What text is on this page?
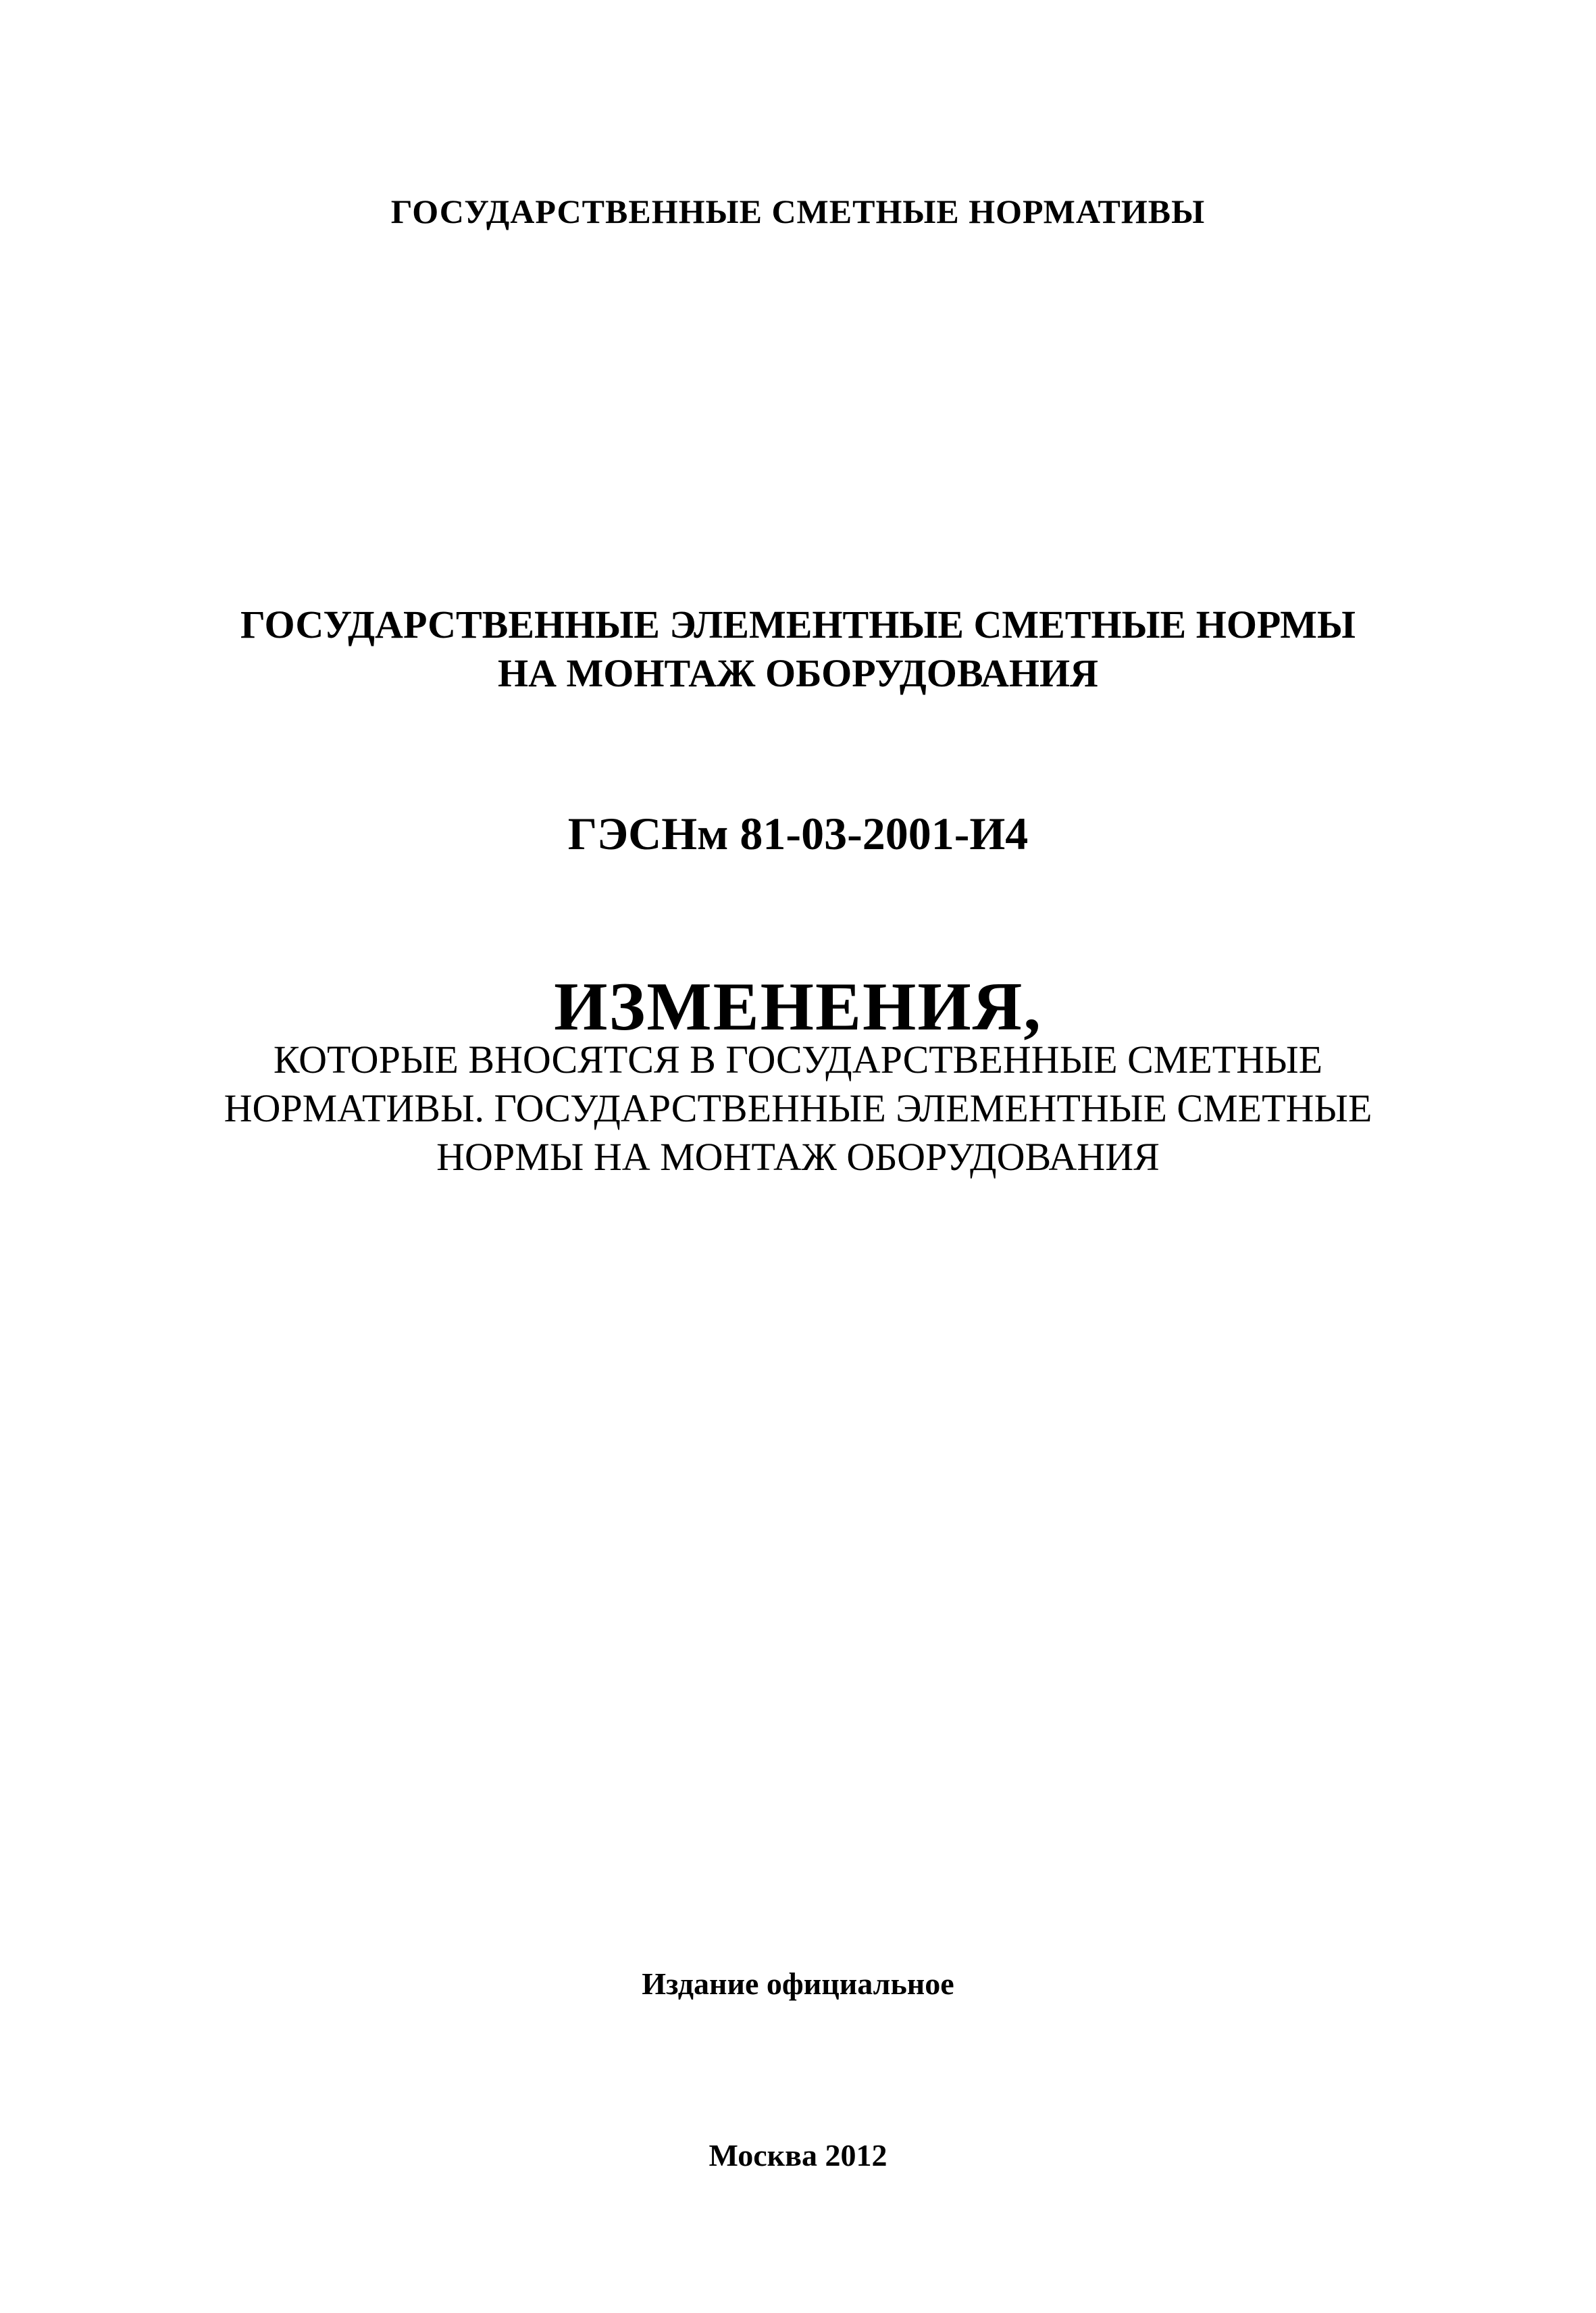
ГОСУДАРСТВЕННЫЕ СМЕТНЫЕ НОРМАТИВЫ
ГОСУДАРСТВЕННЫЕ ЭЛЕМЕНТНЫЕ СМЕТНЫЕ НОРМЫ
НА МОНТАЖ ОБОРУДОВАНИЯ
ГЭСНм 81-03-2001-И4
ИЗМЕНЕНИЯ,
КОТОРЫЕ ВНОСЯТСЯ В ГОСУДАРСТВЕННЫЕ СМЕТНЫЕ
НОРМАТИВЫ. ГОСУДАРСТВЕННЫЕ ЭЛЕМЕНТНЫЕ СМЕТНЫЕ
НОРМЫ НА МОНТАЖ ОБОРУДОВАНИЯ
Издание официальное
Москва 2012
